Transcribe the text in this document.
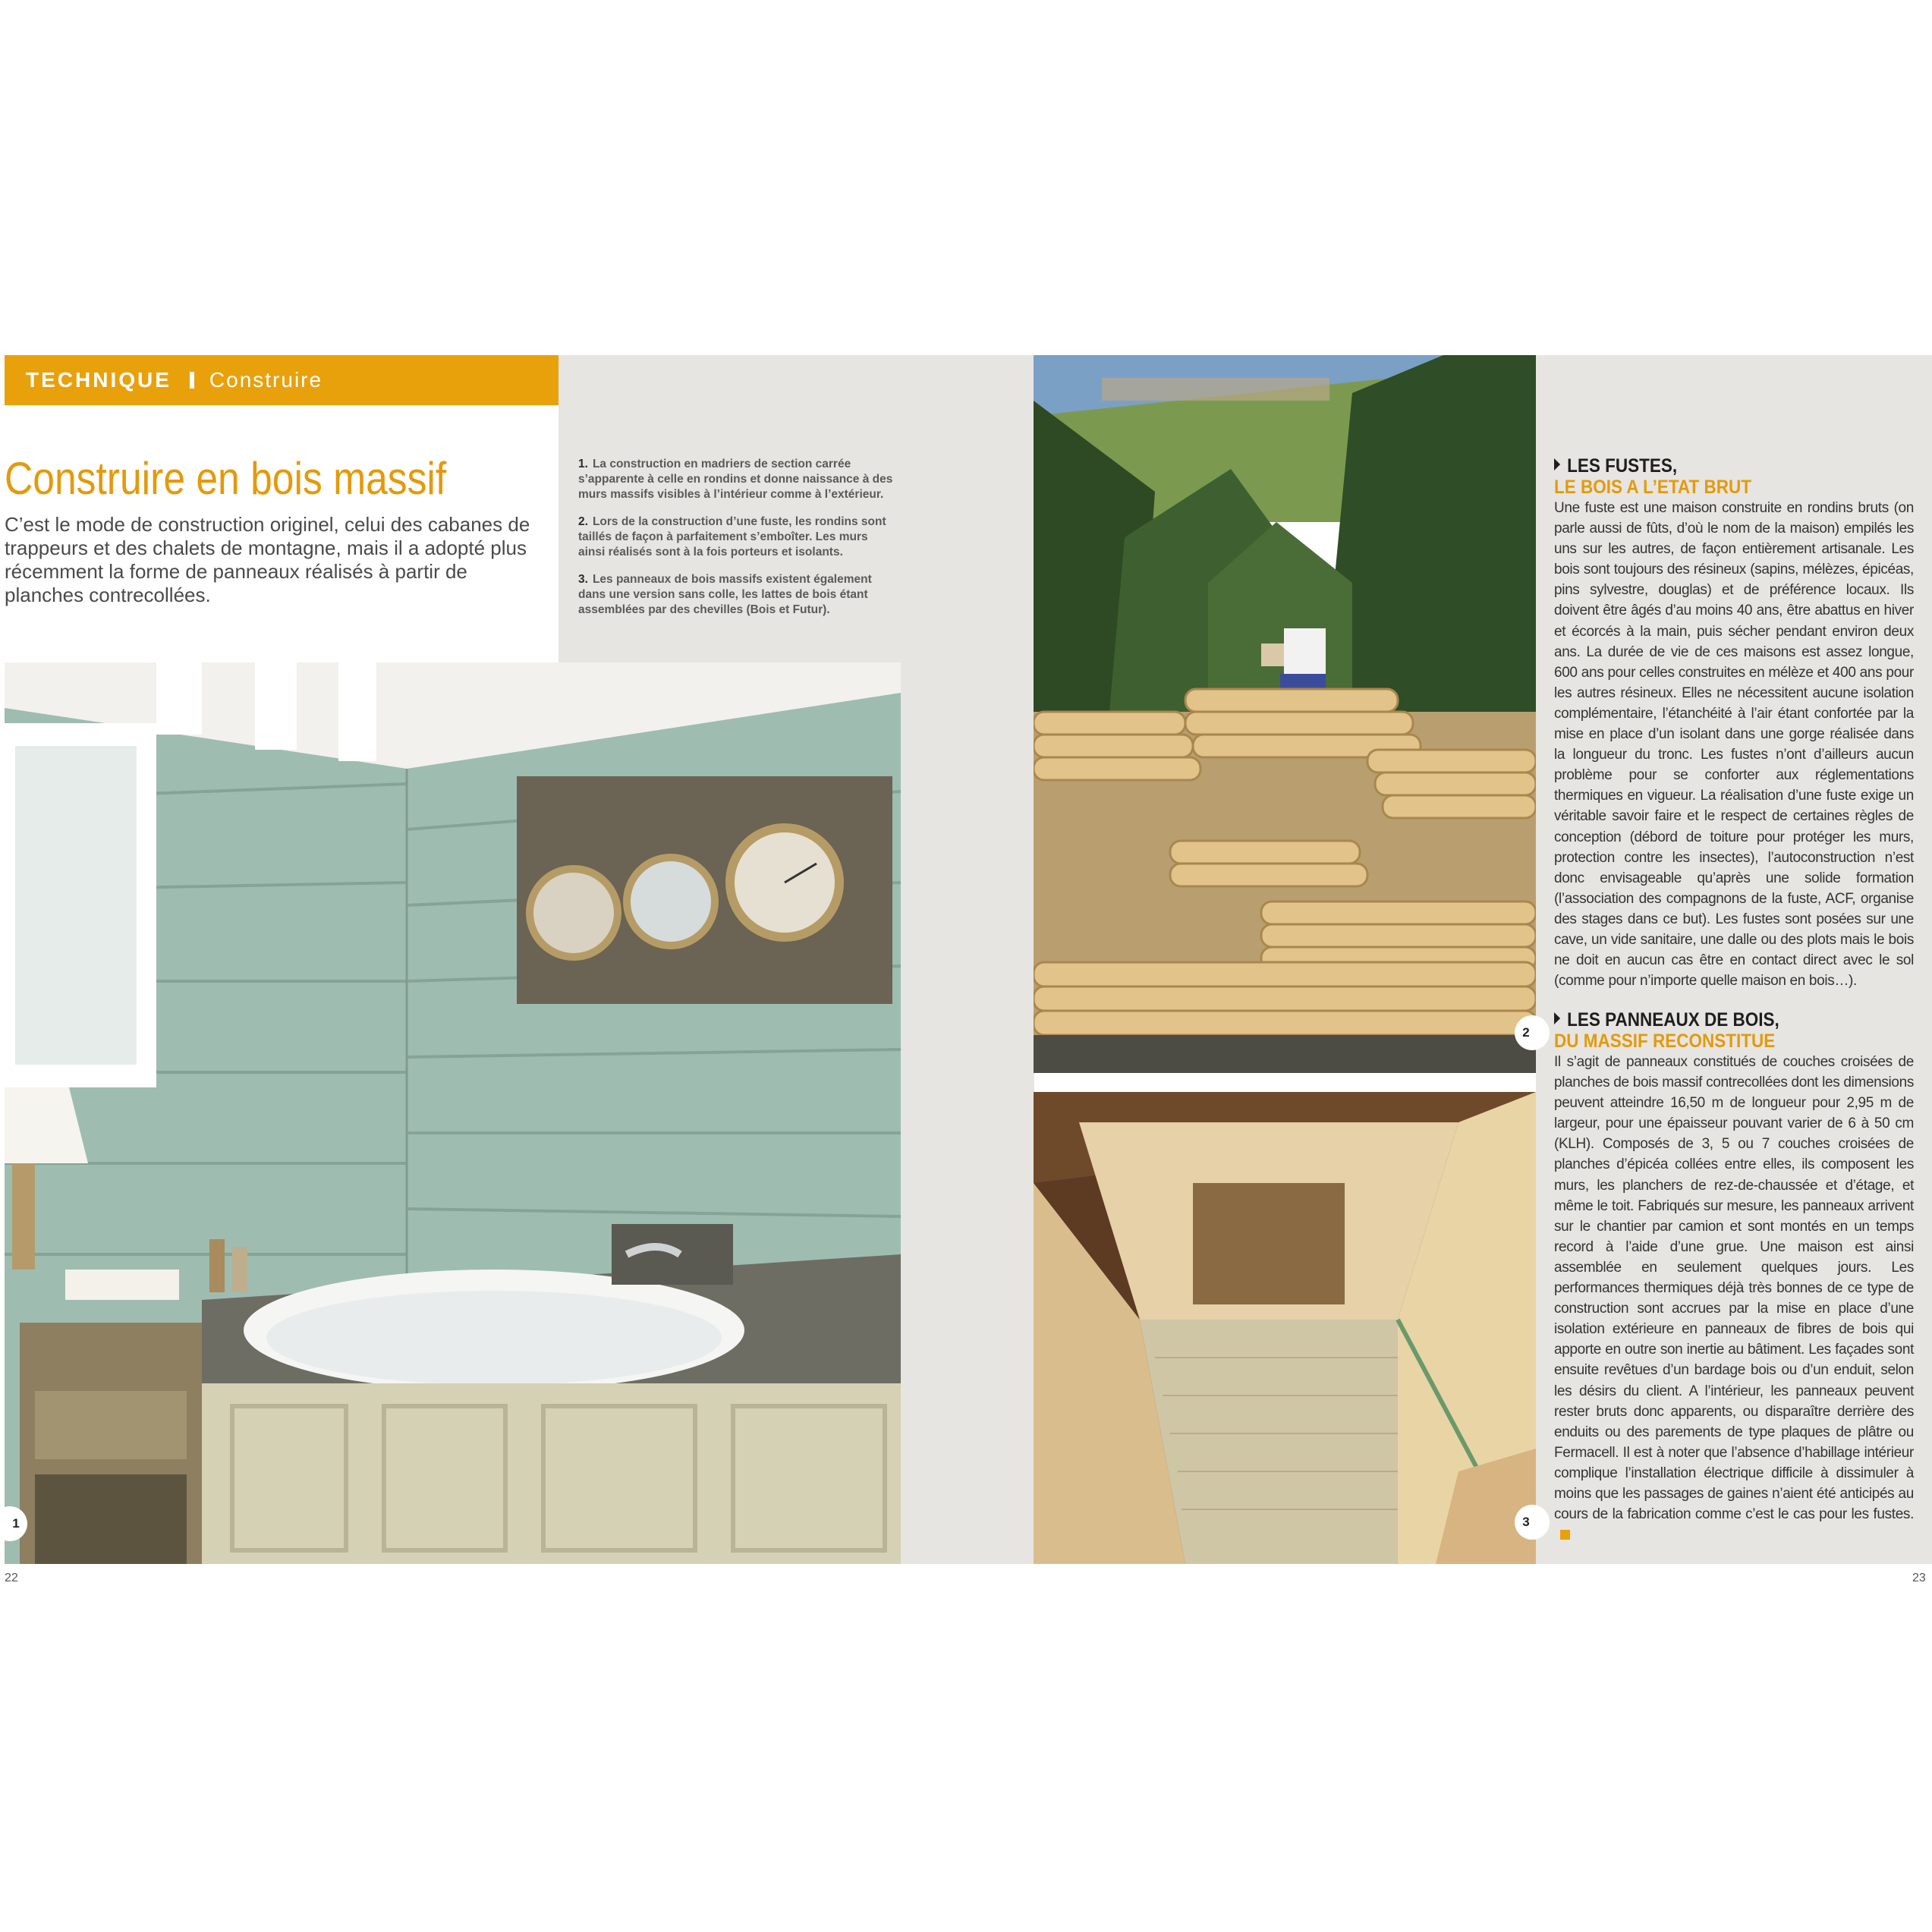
TECHNIQUE Construire
Construire en bois massif
C’est le mode de construction originel, celui des cabanes de trappeurs et des chalets de montagne, mais il a adopté plus récemment la forme de panneaux réalisés à partir de planches contrecollées.
1. La construction en madriers de section carrée s’apparente à celle en rondins et donne naissance à des murs massifs visibles à l’intérieur comme à l’extérieur.
2. Lors de la construction d’une fuste, les rondins sont taillés de façon à parfaitement s’emboîter. Les murs ainsi réalisés sont à la fois porteurs et isolants.
3. Les panneaux de bois massifs existent également dans une version sans colle, les lattes de bois étant assemblées par des chevilles (Bois et Futur).
1
2
3
LES FUSTES,
LE BOIS A L’ETAT BRUT
Une fuste est une maison construite en rondins bruts (on parle aussi de fûts, d’où le nom de la maison) empilés les uns sur les autres, de façon entièrement artisanale. Les bois sont toujours des résineux (sapins, mélèzes, épicéas, pins sylvestre, douglas) et de préférence locaux. Ils doivent être âgés d’au moins 40 ans, être abattus en hiver et écorcés à la main, puis sécher pendant environ deux ans. La durée de vie de ces maisons est assez longue, 600 ans pour celles construites en mélèze et 400 ans pour les autres résineux. Elles ne nécessitent aucune isolation complémentaire, l’étanchéité à l’air étant confortée par la mise en place d’un isolant dans une gorge réalisée dans la longueur du tronc. Les fustes n’ont d’ailleurs aucun problème pour se conforter aux réglementations thermiques en vigueur. La réalisation d’une fuste exige un véritable savoir faire et le respect de certaines règles de conception (débord de toiture pour protéger les murs, protection contre les insectes), l’autoconstruction n’est donc envisageable qu’après une solide formation (l’association des compagnons de la fuste, ACF, organise des stages dans ce but). Les fustes sont posées sur une cave, un vide sanitaire, une dalle ou des plots mais le bois ne doit en aucun cas être en contact direct avec le sol (comme pour n’importe quelle maison en bois…).
LES PANNEAUX DE BOIS,
DU MASSIF RECONSTITUE
Il s’agit de panneaux constitués de couches croisées de planches de bois massif contrecollées dont les dimensions peuvent atteindre 16,50 m de longueur pour 2,95 m de largeur, pour une épaisseur pouvant varier de 6 à 50 cm (KLH). Composés de 3, 5 ou 7 couches croisées de planches d’épicéa collées entre elles, ils composent les murs, les planchers de rez-de-chaussée et d’étage, et même le toit. Fabriqués sur mesure, les panneaux arrivent sur le chantier par camion et sont montés en un temps record à l’aide d’une grue. Une maison est ainsi assemblée en seulement quelques jours. Les performances thermiques déjà très bonnes de ce type de construction sont accrues par la mise en place d’une isolation extérieure en panneaux de fibres de bois qui apporte en outre son inertie au bâtiment. Les façades sont ensuite revêtues d’un bardage bois ou d’un enduit, selon les désirs du client. A l’intérieur, les panneaux peuvent rester bruts donc apparents, ou disparaître derrière des enduits ou des parements de type plaques de plâtre ou Fermacell. Il est à noter que l’absence d’habillage intérieur complique l’installation électrique difficile à dissimuler à moins que les passages de gaines n’aient été anticipés au cours de la fabrication comme c’est le cas pour les fustes.
22	23
